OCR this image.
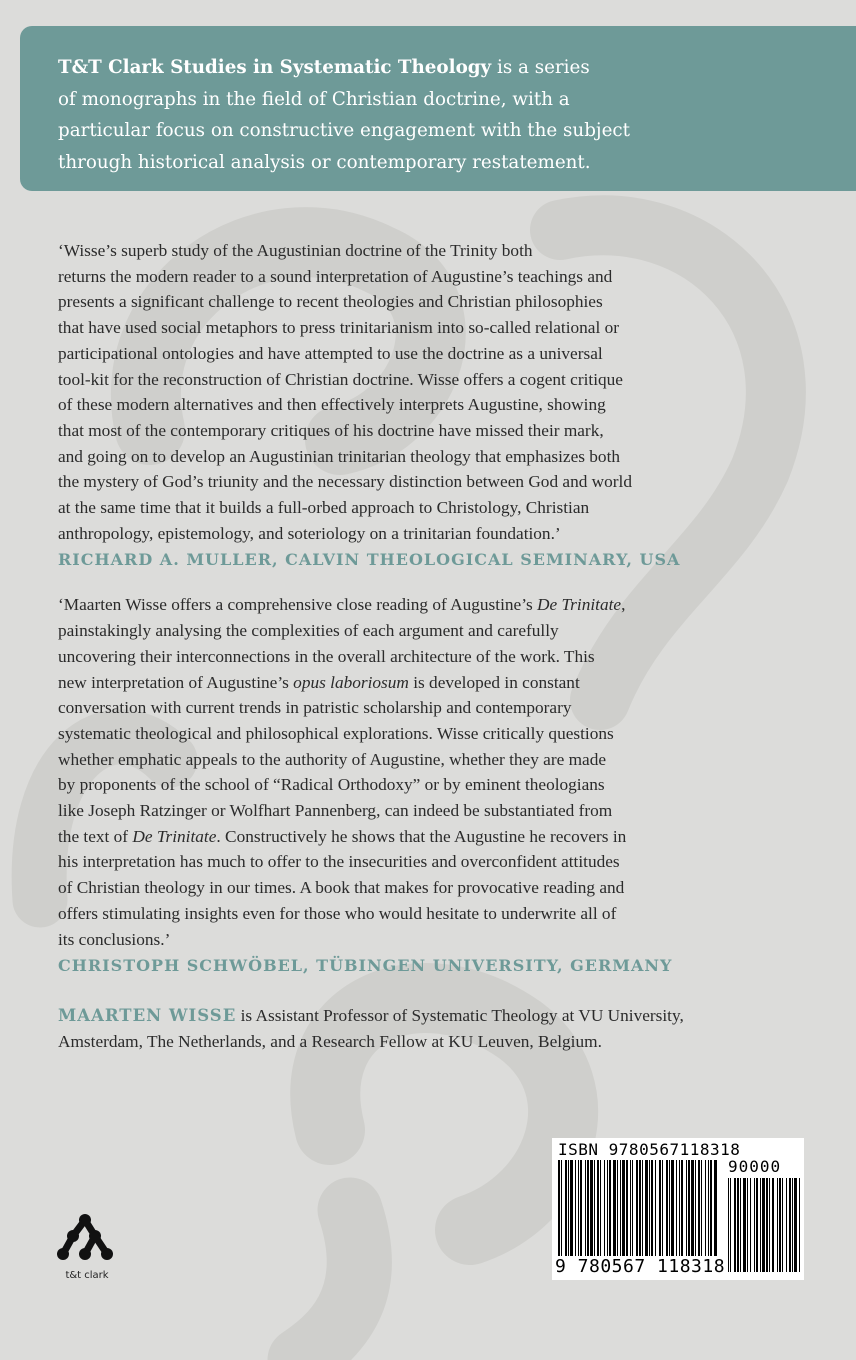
T&T Clark Studies in Systematic Theology is a series
of monographs in the field of Christian doctrine, with a
particular focus on constructive engagement with the subject
through historical analysis or contemporary restatement.

‘Wisse’s superb study of the Augustinian doctrine of the Trinity both
returns the modern reader to a sound interpretation of Augustine’s teachings and
presents a significant challenge to recent theologies and Christian philosophies
that have used social metaphors to press trinitarianism into so-called relational or
participational ontologies and have attempted to use the doctrine as a universal
tool-kit for the reconstruction of Christian doctrine. Wisse offers a cogent critique
of these modern alternatives and then effectively interprets Augustine, showing
that most of the contemporary critiques of his doctrine have missed their mark,
and going on to develop an Augustinian trinitarian theology that emphasizes both
the mystery of God’s triunity and the necessary distinction between God and world
at the same time that it builds a full-orbed approach to Christology, Christian
anthropology, epistemology, and soteriology on a trinitarian foundation.’

RICHARD A. MULLER, CALVIN THEOLOGICAL SEMINARY, USA

‘Maarten Wisse offers a comprehensive close reading of Augustine’s De Trinitate,
painstakingly analysing the complexities of each argument and carefully
uncovering their interconnections in the overall architecture of the work. This
new interpretation of Augustine’s opus laboriosum is developed in constant
conversation with current trends in patristic scholarship and contemporary
systematic theological and philosophical explorations. Wisse critically questions
whether emphatic appeals to the authority of Augustine, whether they are made
by proponents of the school of “Radical Orthodoxy” or by eminent theologians
like Joseph Ratzinger or Wolfhart Pannenberg, can indeed be substantiated from
the text of De Trinitate. Constructively he shows that the Augustine he recovers in
his interpretation has much to offer to the insecurities and overconfident attitudes
of Christian theology in our times. A book that makes for provocative reading and
offers stimulating insights even for those who would hesitate to underwrite all of
its conclusions.’

CHRISTOPH SCHWÖBEL, TÜBINGEN UNIVERSITY, GERMANY

MAARTEN WISSE is Assistant Professor of Systematic Theology at VU University,
Amsterdam, The Netherlands, and a Research Fellow at KU Leuven, Belgium.

t&t clark
ISBN 9780567118318
90000
9 780567 118318
